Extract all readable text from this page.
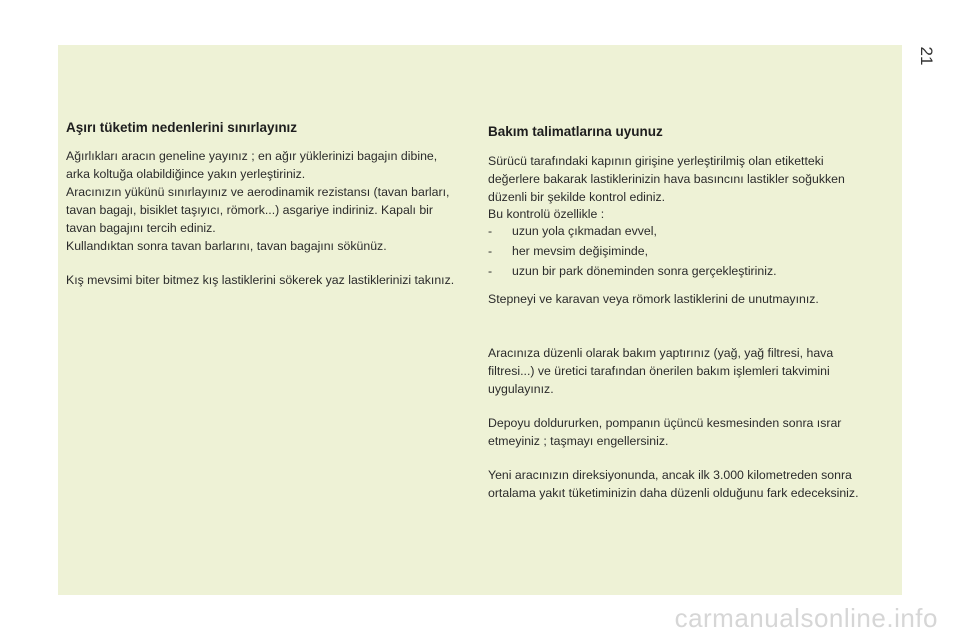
21
Aşırı tüketim nedenlerini sınırlayınız
Ağırlıkları aracın geneline yayınız ; en ağır yüklerinizi bagajın dibine,
arka koltuğa olabildiğince yakın yerleştiriniz.
Aracınızın yükünü sınırlayınız ve aerodinamik rezistansı (tavan barları,
tavan bagajı, bisiklet taşıyıcı, römork...) asgariye indiriniz. Kapalı bir
tavan bagajını tercih ediniz.
Kullandıktan sonra tavan barlarını, tavan bagajını sökünüz.
Kış mevsimi biter bitmez kış lastiklerini sökerek yaz lastiklerinizi takınız.
Bakım talimatlarına uyunuz
Sürücü tarafındaki kapının girişine yerleştirilmiş olan etiketteki
değerlere bakarak lastiklerinizin hava basıncını lastikler soğukken
düzenli bir şekilde kontrol ediniz.
Bu kontrolü özellikle :
- uzun yola çıkmadan evvel,
- her mevsim değişiminde,
- uzun bir park döneminden sonra gerçekleştiriniz.
Stepneyi ve karavan veya römork lastiklerini de unutmayınız.
Aracınıza düzenli olarak bakım yaptırınız (yağ, yağ filtresi, hava
filtresi...) ve üretici tarafından önerilen bakım işlemleri takvimini
uygulayınız.
Depoyu doldururken, pompanın üçüncü kesmesinden sonra ısrar
etmeyiniz ; taşmayı engellersiniz.
Yeni aracınızın direksiyonunda, ancak ilk 3.000 kilometreden sonra
ortalama yakıt tüketiminizin daha düzenli olduğunu fark edeceksiniz.
carmanualsonline.info
